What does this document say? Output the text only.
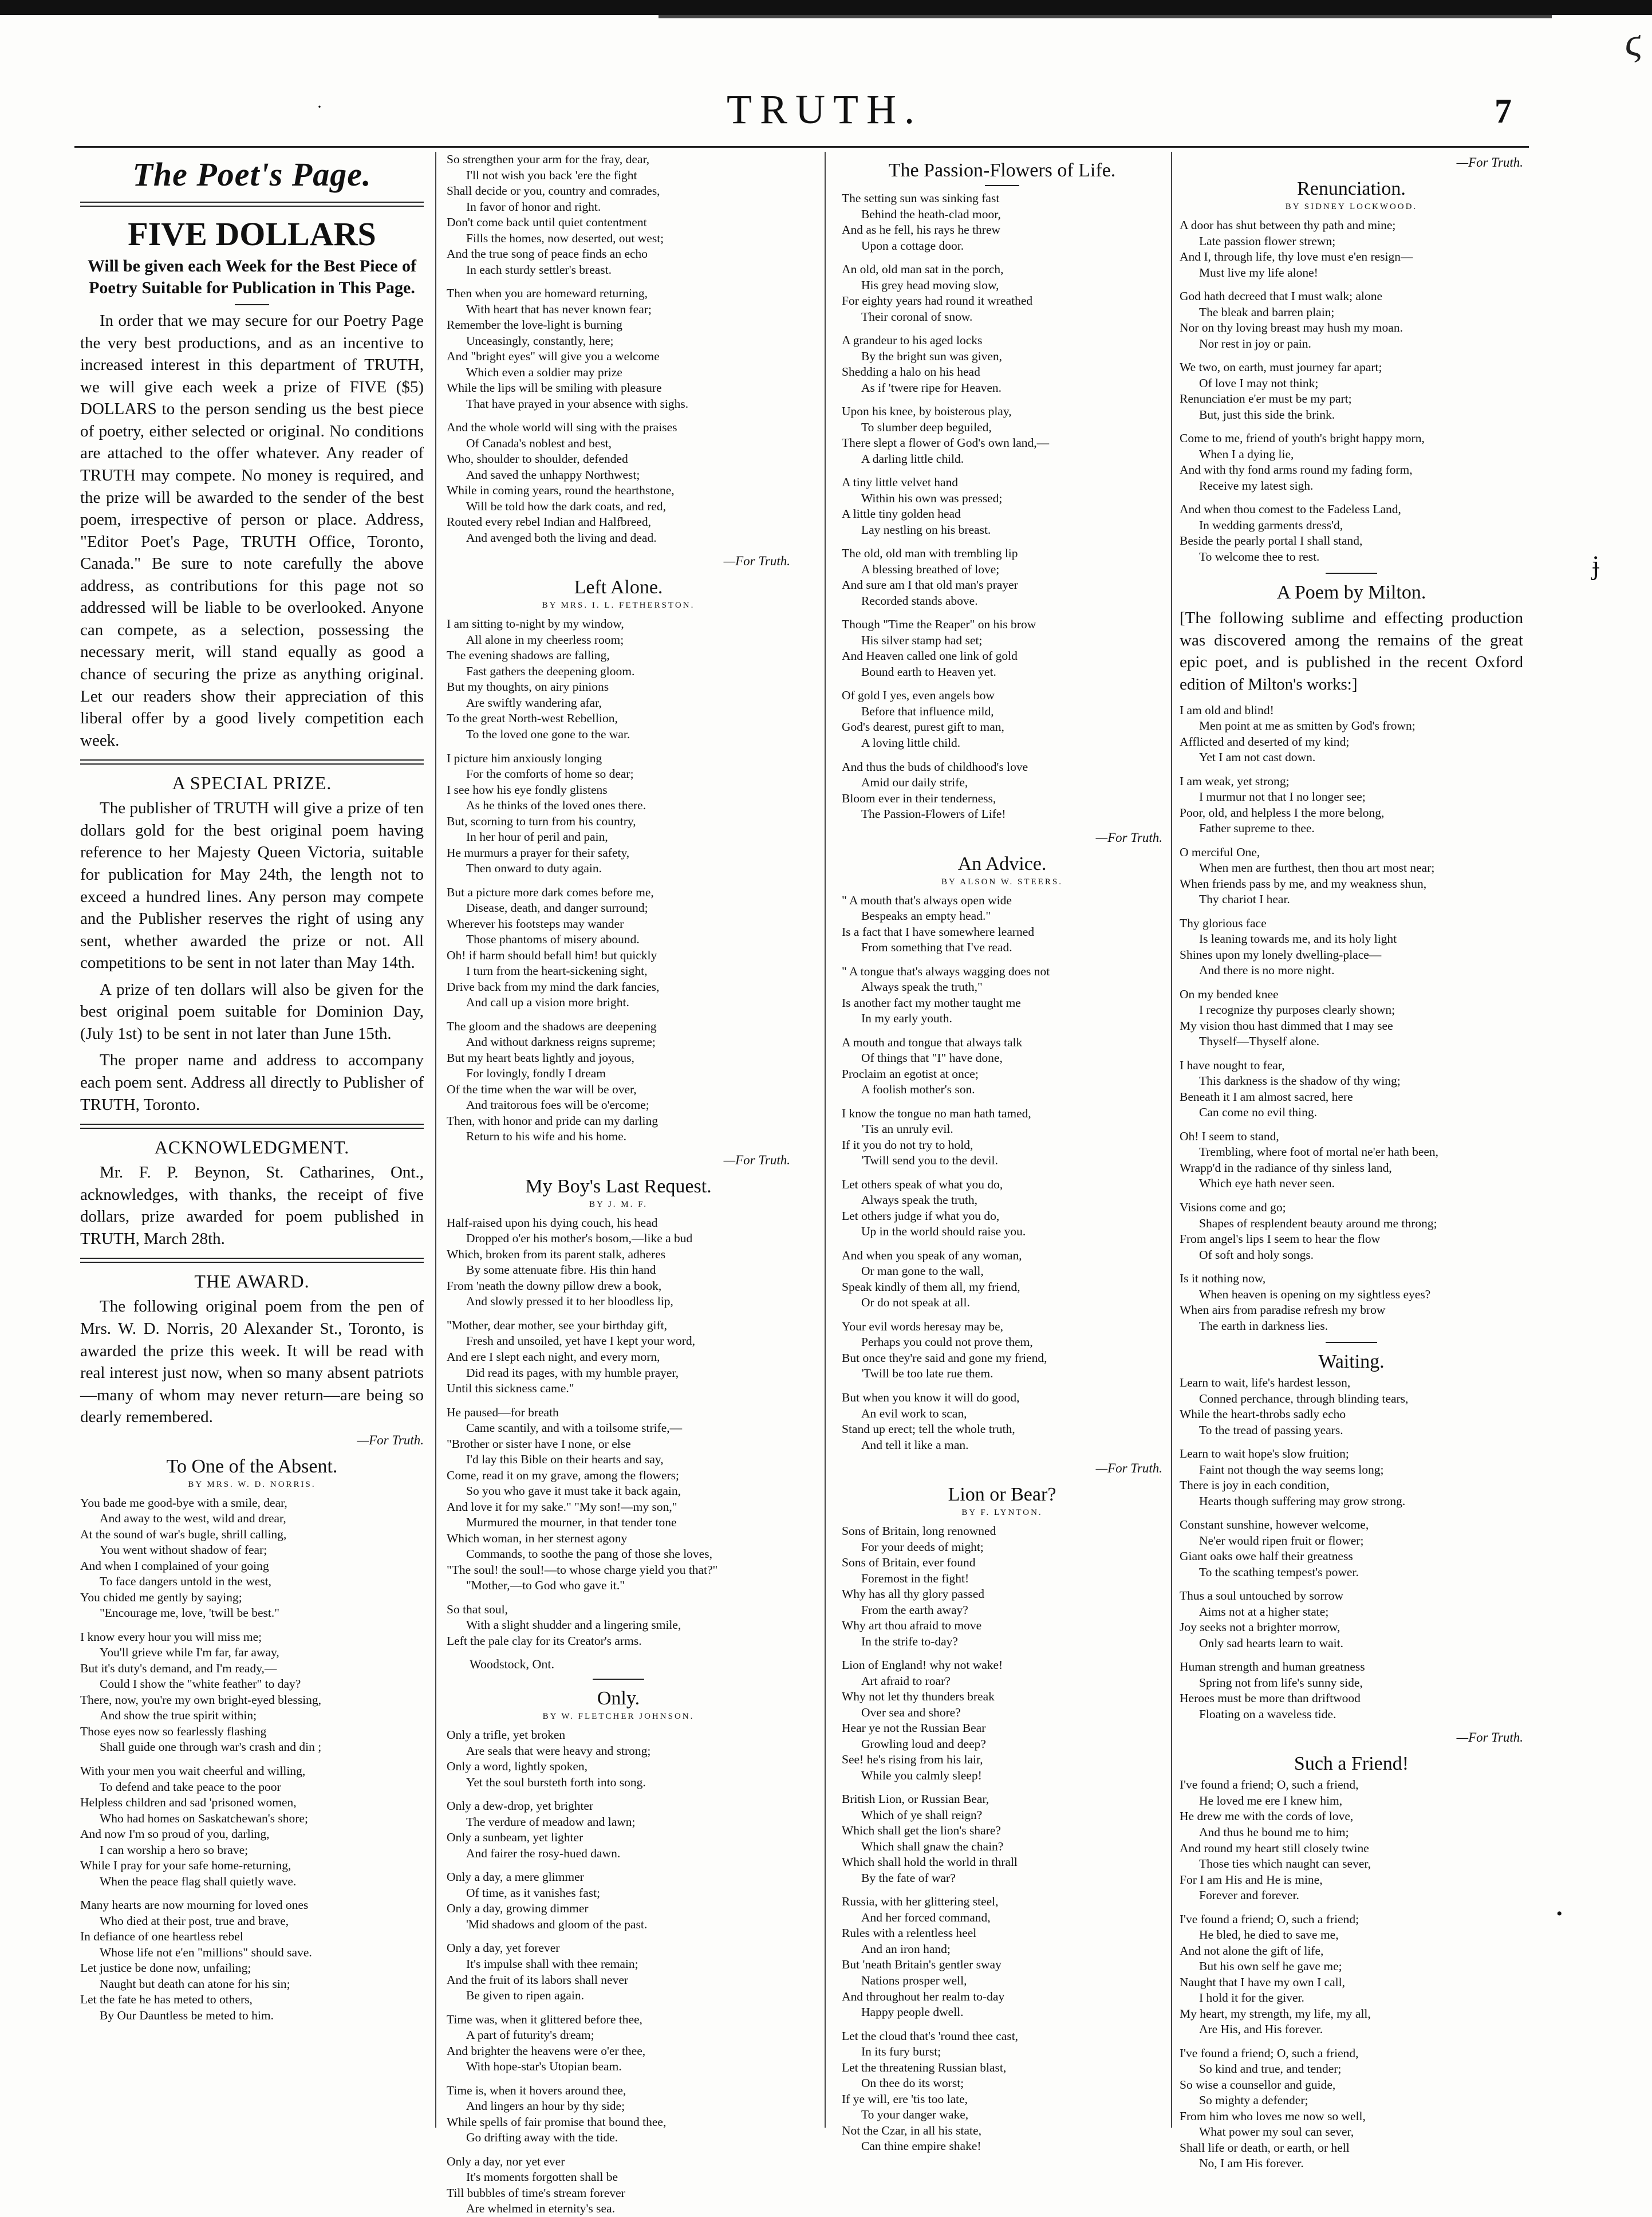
ϛ
·	TRUTH.	7
ɉ
•
The Poet's Page.
FIVE DOLLARS
Will be given each Week for the Best Piece of Poetry Suitable for Publication in This Page.

In order that we may secure for our Poetry Page the very best productions, and as an incentive to increased interest in this department of TRUTH, we will give each week a prize of FIVE ($5) DOLLARS to the person sending us the best piece of poetry, either selected or original. No conditions are attached to the offer whatever. Any reader of TRUTH may compete. No money is required, and the prize will be awarded to the sender of the best poem, irrespective of person or place. Address, "Editor Poet's Page, TRUTH Office, Toronto, Canada." Be sure to note carefully the above address, as contributions for this page not so addressed will be liable to be overlooked. Anyone can compete, as a selection, possessing the necessary merit, will stand equally as good a chance of securing the prize as anything original. Let our readers show their appreciation of this liberal offer by a good lively competition each week.

A SPECIAL PRIZE.

The publisher of TRUTH will give a prize of ten dollars gold for the best original poem having reference to her Majesty Queen Victoria, suitable for publication for May 24th, the length not to exceed a hundred lines. Any person may compete and the Publisher reserves the right of using any sent, whether awarded the prize or not. All competitions to be sent in not later than May 14th.

A prize of ten dollars will also be given for the best original poem suitable for Dominion Day, (July 1st) to be sent in not later than June 15th.

The proper name and address to accompany each poem sent. Address all directly to Publisher of TRUTH, Toronto.

ACKNOWLEDGMENT.

Mr. F. P. Beynon, St. Catharines, Ont., acknowledges, with thanks, the receipt of five dollars, prize awarded for poem published in TRUTH, March 28th.

THE AWARD.

The following original poem from the pen of Mrs. W. D. Norris, 20 Alexander St., Toronto, is awarded the prize this week. It will be read with real interest just now, when so many absent patriots—many of whom may never return—are being so dearly remembered.

—For Truth.
To One of the Absent.
BY MRS. W. D. NORRIS.
You bade me good-bye with a smile, dear,
And away to the west, wild and drear,
At the sound of war's bugle, shrill calling,
You went without shadow of fear;
And when I complained of your going
To face dangers untold in the west,
You chided me gently by saying;
"Encourage me, love, 'twill be best."
I know every hour you will miss me;
You'll grieve while I'm far, far away,
But it's duty's demand, and I'm ready,—
Could I show the "white feather" to day?
There, now, you're my own bright-eyed blessing,
And show the true spirit within;
Those eyes now so fearlessly flashing
Shall guide one through war's crash and din ;
With your men you wait cheerful and willing,
To defend and take peace to the poor
Helpless children and sad 'prisoned women,
Who had homes on Saskatchewan's shore;
And now I'm so proud of you, darling,
I can worship a hero so brave;
While I pray for your safe home-returning,
When the peace flag shall quietly wave.
Many hearts are now mourning for loved ones
Who died at their post, true and brave,
In defiance of one heartless rebel
Whose life not e'en "millions" should save.
Let justice be done now, unfailing;
Naught but death can atone for his sin;
Let the fate he has meted to others,
By Our Dauntless be meted to him.
So strengthen your arm for the fray, dear,
I'll not wish you back 'ere the fight
Shall decide or you, country and comrades,
In favor of honor and right.
Don't come back until quiet contentment
Fills the homes, now deserted, out west;
And the true song of peace finds an echo
In each sturdy settler's breast.
Then when you are homeward returning,
With heart that has never known fear;
Remember the love-light is burning
Unceasingly, constantly, here;
And "bright eyes" will give you a welcome
Which even a soldier may prize
While the lips will be smiling with pleasure
That have prayed in your absence with sighs.
And the whole world will sing with the praises
Of Canada's noblest and best,
Who, shoulder to shoulder, defended
And saved the unhappy Northwest;
While in coming years, round the hearthstone,
Will be told how the dark coats, and red,
Routed every rebel Indian and Halfbreed,
And avenged both the living and dead.
—For Truth.
Left Alone.
BY MRS. I. L. FETHERSTON.
I am sitting to-night by my window,
All alone in my cheerless room;
The evening shadows are falling,
Fast gathers the deepening gloom.
But my thoughts, on airy pinions
Are swiftly wandering afar,
To the great North-west Rebellion,
To the loved one gone to the war.
I picture him anxiously longing
For the comforts of home so dear;
I see how his eye fondly glistens
As he thinks of the loved ones there.
But, scorning to turn from his country,
In her hour of peril and pain,
He murmurs a prayer for their safety,
Then onward to duty again.
But a picture more dark comes before me,
Disease, death, and danger surround;
Wherever his footsteps may wander
Those phantoms of misery abound.
Oh! if harm should befall him! but quickly
I turn from the heart-sickening sight,
Drive back from my mind the dark fancies,
And call up a vision more bright.
The gloom and the shadows are deepening
And without darkness reigns supreme;
But my heart beats lightly and joyous,
For lovingly, fondly I dream
Of the time when the war will be over,
And traitorous foes will be o'ercome;
Then, with honor and pride can my darling
Return to his wife and his home.
—For Truth.
My Boy's Last Request.
BY J. M. F.
Half-raised upon his dying couch, his head
Dropped o'er his mother's bosom,—like a bud
Which, broken from its parent stalk, adheres
By some attenuate fibre. His thin hand
From 'neath the downy pillow drew a book,
And slowly pressed it to her bloodless lip,
"Mother, dear mother, see your birthday gift,
Fresh and unsoiled, yet have I kept your word,
And ere I slept each night, and every morn,
Did read its pages, with my humble prayer,
Until this sickness came."
He paused—for breath
Came scantily, and with a toilsome strife,—
"Brother or sister have I none, or else
I'd lay this Bible on their hearts and say,
Come, read it on my grave, among the flowers;
So you who gave it must take it back again,
And love it for my sake." "My son!—my son,"
Murmured the mourner, in that tender tone
Which woman, in her sternest agony
Commands, to soothe the pang of those she loves,
"The soul! the soul!—to whose charge yield you that?"
"Mother,—to God who gave it."
So that soul,
With a slight shudder and a lingering smile,
Left the pale clay for its Creator's arms.
Woodstock, Ont.
Only.
BY W. FLETCHER JOHNSON.
Only a trifle, yet broken
Are seals that were heavy and strong;
Only a word, lightly spoken,
Yet the soul bursteth forth into song.
Only a dew-drop, yet brighter
The verdure of meadow and lawn;
Only a sunbeam, yet lighter
And fairer the rosy-hued dawn.
Only a day, a mere glimmer
Of time, as it vanishes fast;
Only a day, growing dimmer
'Mid shadows and gloom of the past.
Only a day, yet forever
It's impulse shall with thee remain;
And the fruit of its labors shall never
Be given to ripen again.
Time was, when it glittered before thee,
A part of futurity's dream;
And brighter the heavens were o'er thee,
With hope-star's Utopian beam.
Time is, when it hovers around thee,
And lingers an hour by thy side;
While spells of fair promise that bound thee,
Go drifting away with the tide.
Only a day, nor yet ever
It's moments forgotten shall be
Till bubbles of time's stream forever
Are whelmed in eternity's sea.
The Passion-Flowers of Life.
The setting sun was sinking fast
Behind the heath-clad moor,
And as he fell, his rays he threw
Upon a cottage door.
An old, old man sat in the porch,
His grey head moving slow,
For eighty years had round it wreathed
Their coronal of snow.
A grandeur to his aged locks
By the bright sun was given,
Shedding a halo on his head
As if 'twere ripe for Heaven.
Upon his knee, by boisterous play,
To slumber deep beguiled,
There slept a flower of God's own land,—
A darling little child.
A tiny little velvet hand
Within his own was pressed;
A little tiny golden head
Lay nestling on his breast.
The old, old man with trembling lip
A blessing breathed of love;
And sure am I that old man's prayer
Recorded stands above.
Though "Time the Reaper" on his brow
His silver stamp had set;
And Heaven called one link of gold
Bound earth to Heaven yet.
Of gold I yes, even angels bow
Before that influence mild,
God's dearest, purest gift to man,
A loving little child.
And thus the buds of childhood's love
Amid our daily strife,
Bloom ever in their tenderness,
The Passion-Flowers of Life!
—For Truth.
An Advice.
BY ALSON W. STEERS.
" A mouth that's always open wide
Bespeaks an empty head."
Is a fact that I have somewhere learned
From something that I've read.
" A tongue that's always wagging does not
Always speak the truth,"
Is another fact my mother taught me
In my early youth.
A mouth and tongue that always talk
Of things that "I" have done,
Proclaim an egotist at once;
A foolish mother's son.
I know the tongue no man hath tamed,
'Tis an unruly evil.
If it you do not try to hold,
'Twill send you to the devil.
Let others speak of what you do,
Always speak the truth,
Let others judge if what you do,
Up in the world should raise you.
And when you speak of any woman,
Or man gone to the wall,
Speak kindly of them all, my friend,
Or do not speak at all.
Your evil words heresay may be,
Perhaps you could not prove them,
But once they're said and gone my friend,
'Twill be too late rue them.
But when you know it will do good,
An evil work to scan,
Stand up erect; tell the whole truth,
And tell it like a man.
—For Truth.
Lion or Bear?
BY F. LYNTON.
Sons of Britain, long renowned
For your deeds of might;
Sons of Britain, ever found
Foremost in the fight!
Why has all thy glory passed
From the earth away?
Why art thou afraid to move
In the strife to-day?
Lion of England! why not wake!
Art afraid to roar?
Why not let thy thunders break
Over sea and shore?
Hear ye not the Russian Bear
Growling loud and deep?
See! he's rising from his lair,
While you calmly sleep!
British Lion, or Russian Bear,
Which of ye shall reign?
Which shall get the lion's share?
Which shall gnaw the chain?
Which shall hold the world in thrall
By the fate of war?
Russia, with her glittering steel,
And her forced command,
Rules with a relentless heel
And an iron hand;
But 'neath Britain's gentler sway
Nations prosper well,
And throughout her realm to-day
Happy people dwell.
Let the cloud that's 'round thee cast,
In its fury burst;
Let the threatening Russian blast,
On thee do its worst;
If ye will, ere 'tis too late,
To your danger wake,
Not the Czar, in all his state,
Can thine empire shake!
—For Truth.
Renunciation.
BY SIDNEY LOCKWOOD.
A door has shut between thy path and mine;
Late passion flower strewn;
And I, through life, thy love must e'en resign—
Must live my life alone!
God hath decreed that I must walk; alone
The bleak and barren plain;
Nor on thy loving breast may hush my moan.
Nor rest in joy or pain.
We two, on earth, must journey far apart;
Of love I may not think;
Renunciation e'er must be my part;
But, just this side the brink.
Come to me, friend of youth's bright happy morn,
When I a dying lie,
And with thy fond arms round my fading form,
Receive my latest sigh.
And when thou comest to the Fadeless Land,
In wedding garments dress'd,
Beside the pearly portal I shall stand,
To welcome thee to rest.
A Poem by Milton.

[The following sublime and effecting production was discovered among the remains of the great epic poet, and is published in the recent Oxford edition of Milton's works:]

I am old and blind!
Men point at me as smitten by God's frown;
Afflicted and deserted of my kind;
Yet I am not cast down.
I am weak, yet strong;
I murmur not that I no longer see;
Poor, old, and helpless I the more belong,
Father supreme to thee.
O merciful One,
When men are furthest, then thou art most near;
When friends pass by me, and my weakness shun,
Thy chariot I hear.
Thy glorious face
Is leaning towards me, and its holy light
Shines upon my lonely dwelling-place—
And there is no more night.
On my bended knee
I recognize thy purposes clearly shown;
My vision thou hast dimmed that I may see
Thyself—Thyself alone.
I have nought to fear,
This darkness is the shadow of thy wing;
Beneath it I am almost sacred, here
Can come no evil thing.
Oh! I seem to stand,
Trembling, where foot of mortal ne'er hath been,
Wrapp'd in the radiance of thy sinless land,
Which eye hath never seen.
Visions come and go;
Shapes of resplendent beauty around me throng;
From angel's lips I seem to hear the flow
Of soft and holy songs.
Is it nothing now,
When heaven is opening on my sightless eyes?
When airs from paradise refresh my brow
The earth in darkness lies.
Waiting.
Learn to wait, life's hardest lesson,
Conned perchance, through blinding tears,
While the heart-throbs sadly echo
To the tread of passing years.
Learn to wait hope's slow fruition;
Faint not though the way seems long;
There is joy in each condition,
Hearts though suffering may grow strong.
Constant sunshine, however welcome,
Ne'er would ripen fruit or flower;
Giant oaks owe half their greatness
To the scathing tempest's power.
Thus a soul untouched by sorrow
Aims not at a higher state;
Joy seeks not a brighter morrow,
Only sad hearts learn to wait.
Human strength and human greatness
Spring not from life's sunny side,
Heroes must be more than driftwood
Floating on a waveless tide.
—For Truth.
Such a Friend!
I've found a friend; O, such a friend,
He loved me ere I knew him,
He drew me with the cords of love,
And thus he bound me to him;
And round my heart still closely twine
Those ties which naught can sever,
For I am His and He is mine,
Forever and forever.
I've found a friend; O, such a friend;
He bled, he died to save me,
And not alone the gift of life,
But his own self he gave me;
Naught that I have my own I call,
I hold it for the giver.
My heart, my strength, my life, my all,
Are His, and His forever.
I've found a friend; O, such a friend,
So kind and true, and tender;
So wise a counsellor and guide,
So mighty a defender;
From him who loves me now so well,
What power my soul can sever,
Shall life or death, or earth, or hell
No, I am His forever.
